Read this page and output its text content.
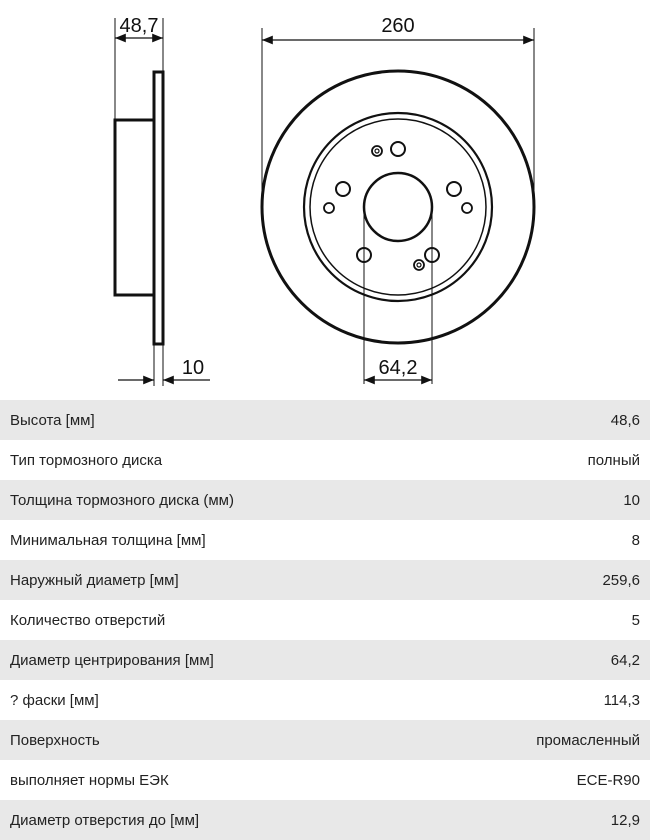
48,7
10
260
64,2
Высота [мм]	48,6
Тип тормозного диска	полный
Толщина тормозного диска (мм)	10
Минимальная толщина [мм]	8
Наружный диаметр [мм]	259,6
Количество отверстий	5
Диаметр центрирования [мм]	64,2
? фаски [мм]	114,3
Поверхность	промасленный
выполняет нормы ЕЭК	ECE-R90
Диаметр отверстия до [мм]	12,9
